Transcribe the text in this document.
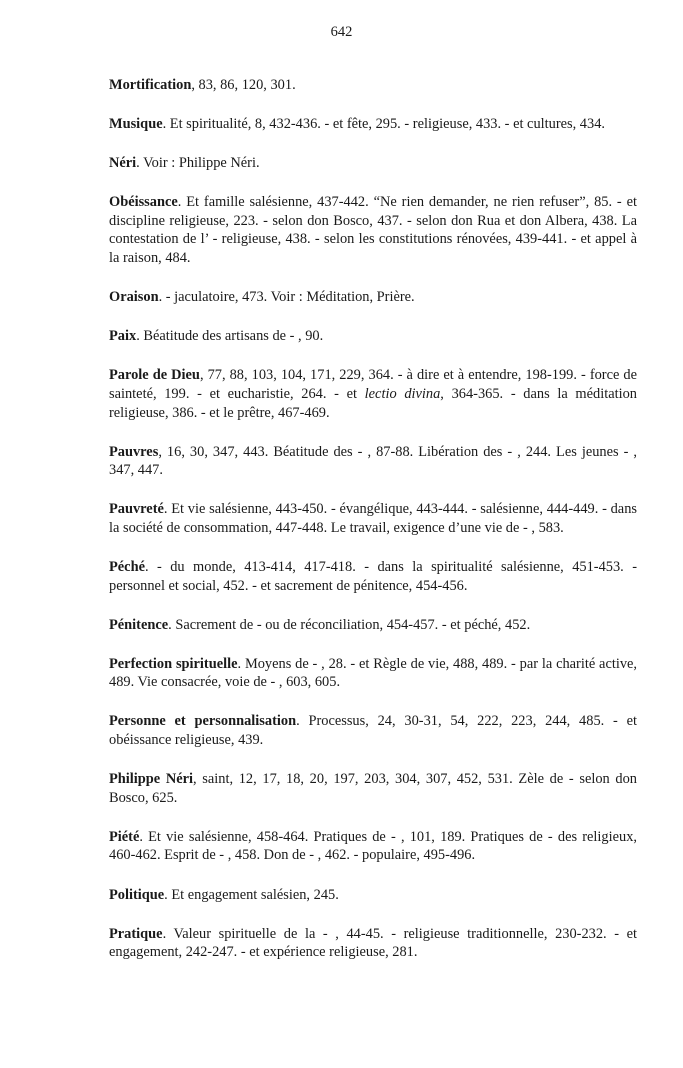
642

Mortification, 83, 86, 120, 301.

Musique. Et spiritualité, 8, 432-436. - et fête, 295. - religieuse, 433. - et cultures, 434.

Néri. Voir : Philippe Néri.

Obéissance. Et famille salésienne, 437-442. “Ne rien demander, ne rien refuser”, 85. - et discipline religieuse, 223. - selon don Bosco, 437. - selon don Rua et don Albera, 438. La contestation de l’ - religieuse, 438. - selon les constitutions rénovées, 439-441. - et appel à la raison, 484.

Oraison. - jaculatoire, 473. Voir : Méditation, Prière.

Paix. Béatitude des artisans de - , 90.

Parole de Dieu, 77, 88, 103, 104, 171, 229, 364. - à dire et à entendre, 198-199. - force de sainteté, 199. - et eucharistie, 264. - et lectio divina, 364-365. - dans la méditation religieuse, 386. - et le prêtre, 467-469.

Pauvres, 16, 30, 347, 443. Béatitude des - , 87-88. Libération des - , 244. Les jeunes - , 347, 447.

Pauvreté. Et vie salésienne, 443-450. - évangélique, 443-444. - salésienne, 444-449. - dans la société de consommation, 447-448. Le travail, exigence d’une vie de - , 583.

Péché. - du monde, 413-414, 417-418. - dans la spiritualité salésienne, 451-453. - personnel et social, 452. - et sacrement de pénitence, 454-456.

Pénitence. Sacrement de - ou de réconciliation, 454-457. - et péché, 452.

Perfection spirituelle. Moyens de - , 28. - et Règle de vie, 488, 489. - par la charité active, 489. Vie consacrée, voie de - , 603, 605.

Personne et personnalisation. Processus, 24, 30-31, 54, 222, 223, 244, 485. - et obéissance religieuse, 439.

Philippe Néri, saint, 12, 17, 18, 20, 197, 203, 304, 307, 452, 531. Zèle de - selon don Bosco, 625.

Piété. Et vie salésienne, 458-464. Pratiques de - , 101, 189. Pratiques de - des religieux, 460-462. Esprit de - , 458. Don de - , 462. - populaire, 495-496.

Politique. Et engagement salésien, 245.

Pratique. Valeur spirituelle de la - , 44-45. - religieuse traditionnelle, 230-232. - et engagement, 242-247. - et expérience religieuse, 281.
